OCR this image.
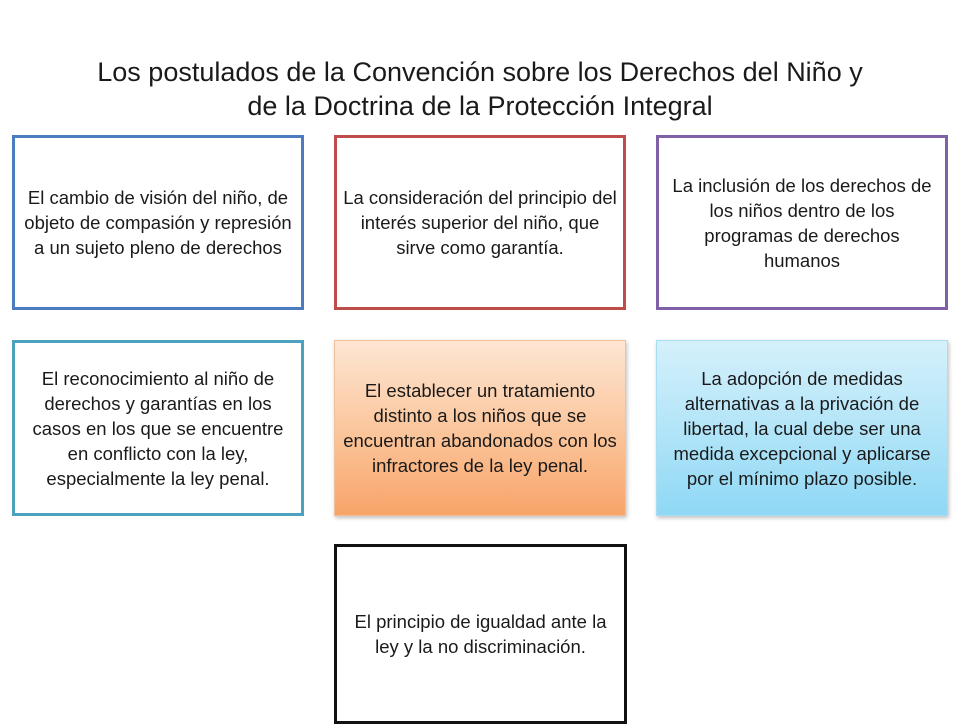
Los postulados de la Convención sobre los Derechos del Niño y
de la Doctrina de la Protección Integral
El cambio de visión del niño, de objeto de compasión y represión a un sujeto pleno de derechos
La consideración del principio del interés superior del niño, que sirve como garantía.
La inclusión de los derechos de los niños dentro de los programas de derechos humanos
El reconocimiento al niño de derechos y garantías en los casos en los que se encuentre en conflicto con la ley, especialmente la ley penal.
El establecer un tratamiento distinto a los niños que se encuentran abandonados con los infractores de la ley penal.
La adopción de medidas alternativas a la privación de libertad, la cual debe ser una medida excepcional y aplicarse por el mínimo plazo posible.
El principio de igualdad ante la ley y la no discriminación.
